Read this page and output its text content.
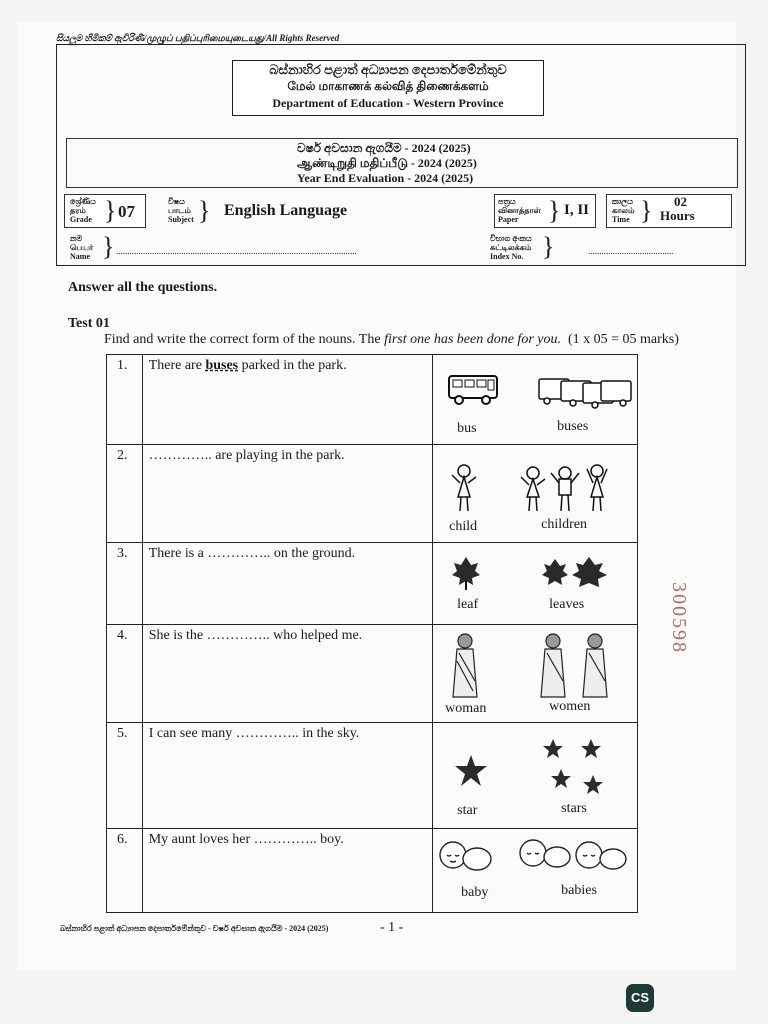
සියලුම හිමිකම් ඇවිරිණි/முழுப் பதிப்புரிமையுடையது/All Rights Reserved
බස්නාහිර පළාත් අධ්‍යාපන දෙපාර්තමේන්තුව
மேல் மாகாணக் கல்வித் திணைக்களம்
Department of Education - Western Province
වර්ෂ අවසාන ඇගයීම - 2024 (2025)
ஆண்டிறுதி மதிப்பீடு - 2024 (2025)
Year End Evaluation - 2024 (2025)
ශ්‍රේණිය
தரம்
Grade } 07
විෂය
பாடம்
Subject } English Language
පත්‍රය
வினாத்தாள்
Paper	} I, II
කාලය
காலம்
Time } 02
Hours
නම
பெயர்
Name } ...........................................................................................................
විභාග අංකය
சுட்டிலக்கம்
Index No. }	......................................
Answer all the questions.
Test 01
Find and write the correct form of the nouns. The first one has been done for you. (1 x 05 = 05 marks)
1.	There are buses parked in the park.	bus buses

2.	………….. are playing in the park.	child children

3.	There is a ………….. on the ground.	leaf leaves

4.	She is the ………….. who helped me.	woman women

5.	I can see many ………….. in the sky.	star stars

6.	My aunt loves her ………….. boy.	baby babies
බස්නාහිර පළාත් අධ්‍යාපන දෙපාර්තමේන්තුව - වර්ෂ අවසාන ඇගයීම - 2024 (2025)	- 1 -
300598
CS
